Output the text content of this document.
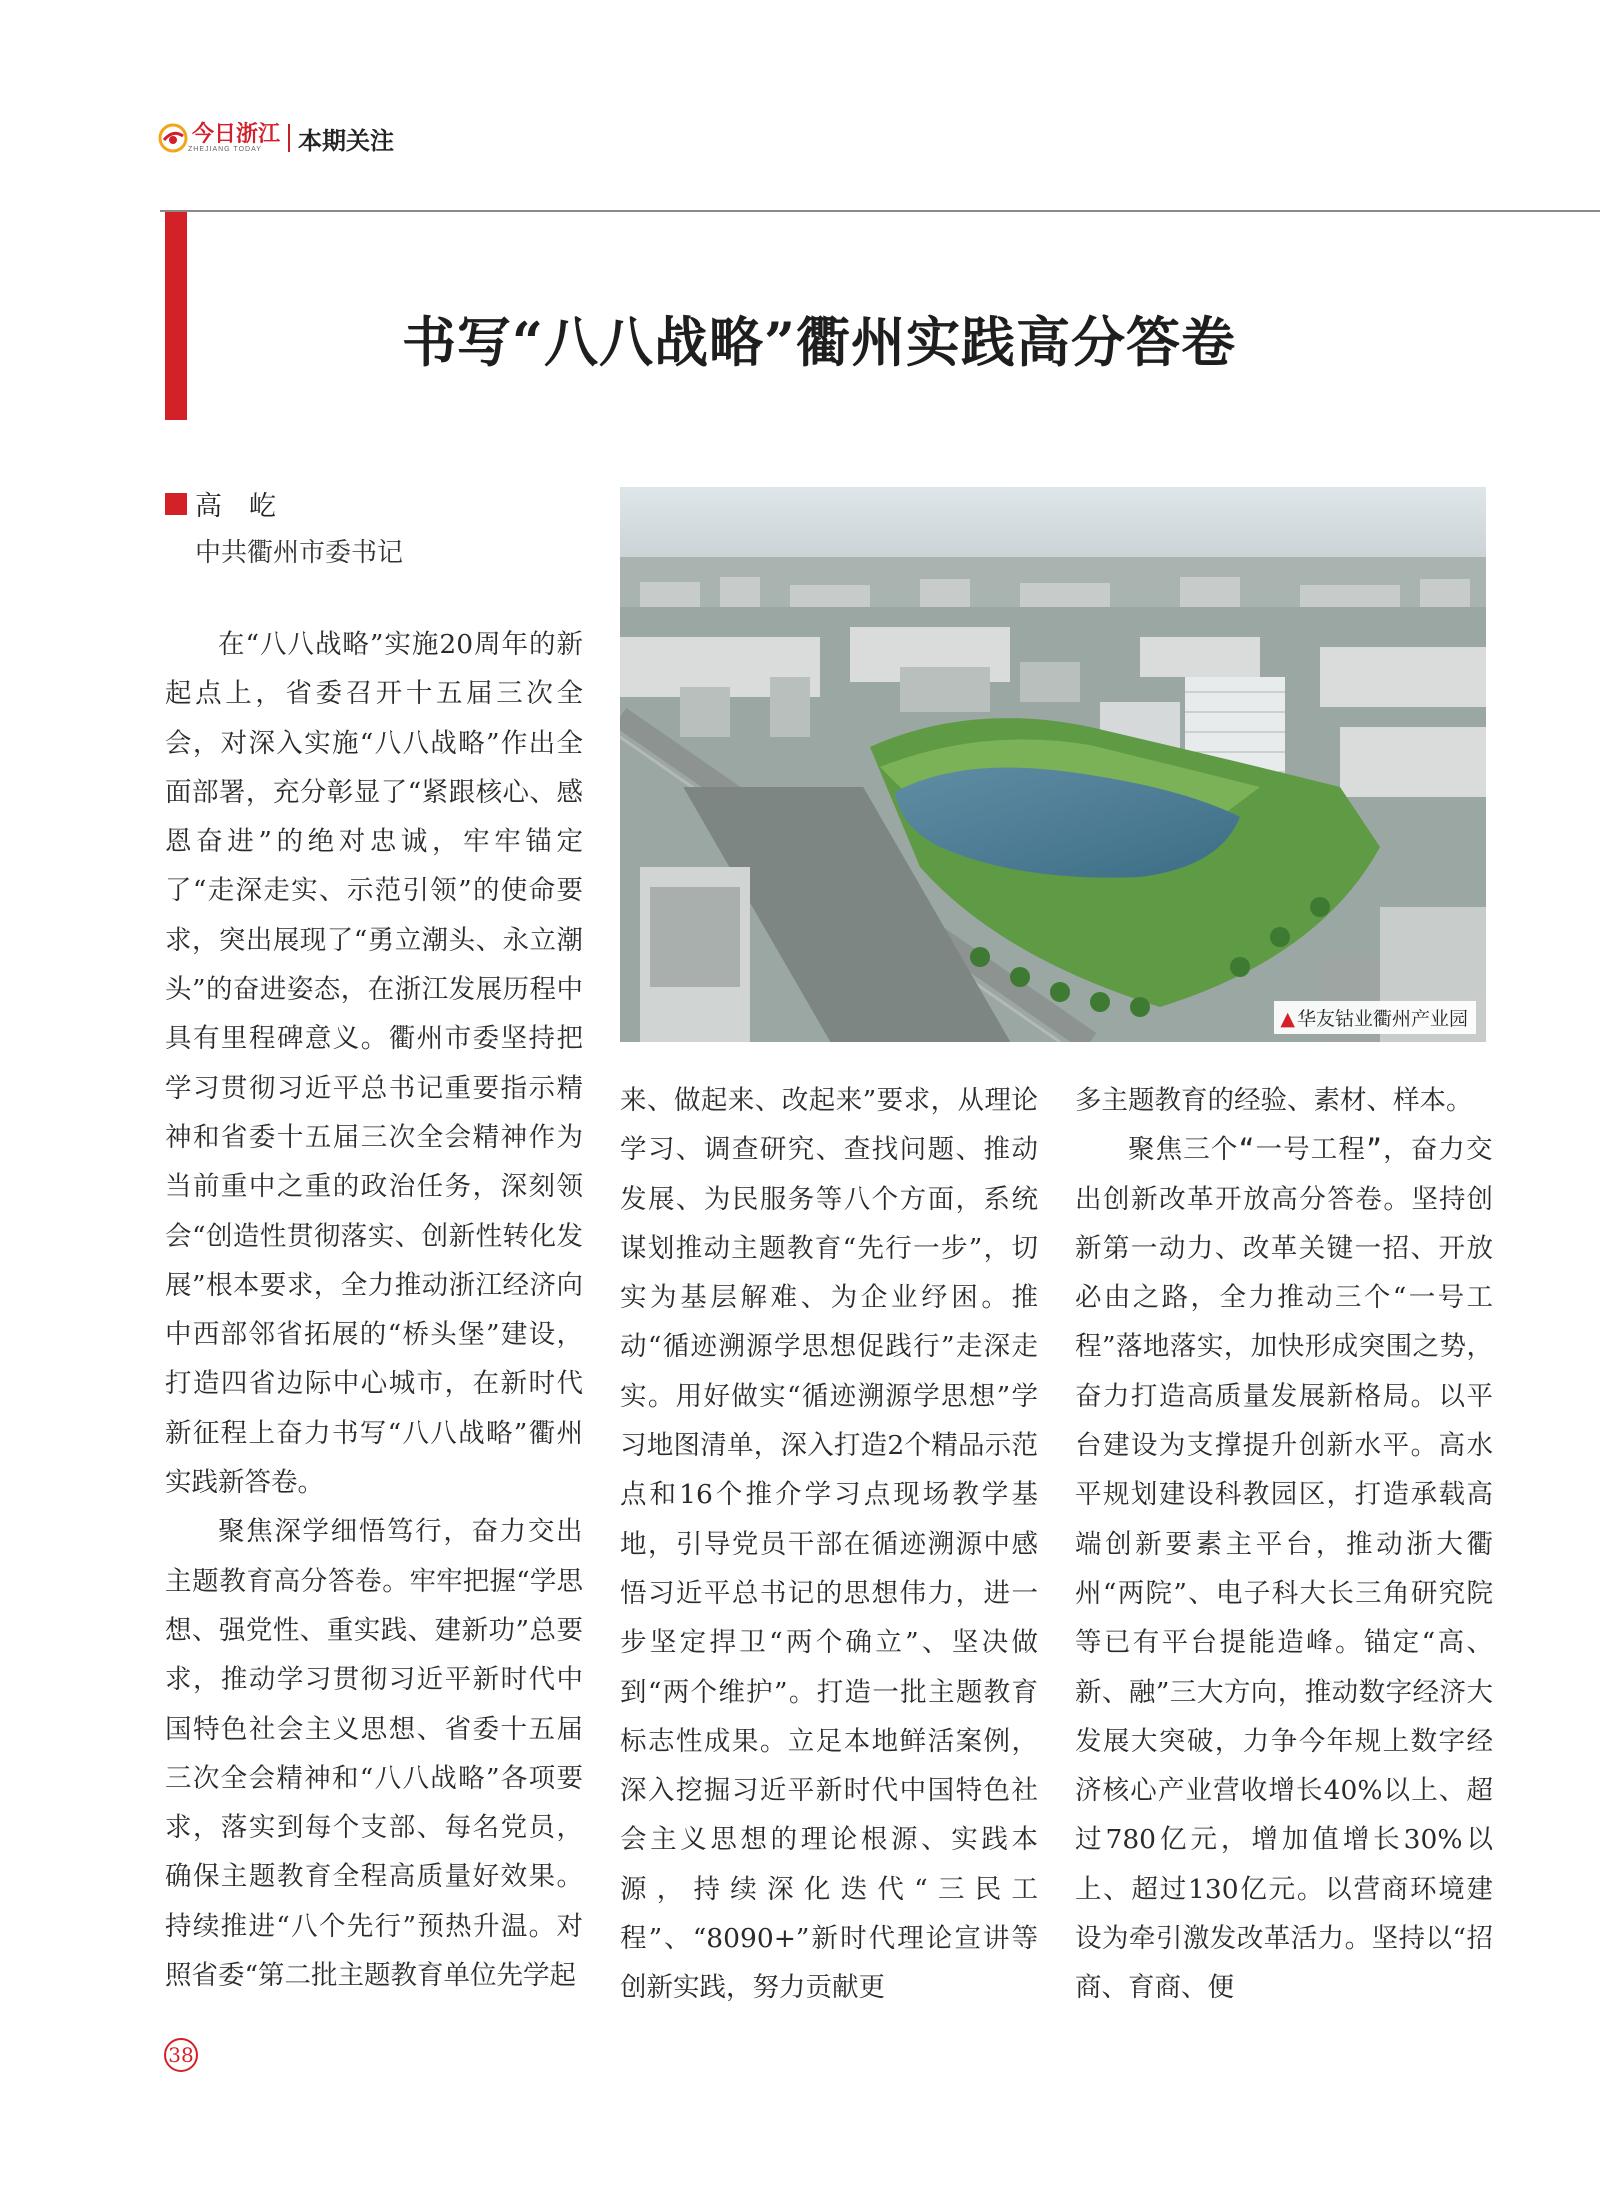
今日浙江
ZHEJIANG TODAY	本期关注
书写“八八战略”衢州实践高分答卷
高　屹
中共衢州市委书记
▲ 华友钴业衢州产业园

在“八八战略”实施20周年的新起点上，省委召开十五届三次全会，对深入实施“八八战略”作出全面部署，充分彰显了“紧跟核心、感恩奋进”的绝对忠诚，牢牢锚定了“走深走实、示范引领”的使命要求，突出展现了“勇立潮头、永立潮头”的奋进姿态，在浙江发展历程中具有里程碑意义。衢州市委坚持把学习贯彻习近平总书记重要指示精神和省委十五届三次全会精神作为当前重中之重的政治任务，深刻领会“创造性贯彻落实、创新性转化发展”根本要求，全力推动浙江经济向中西部邻省拓展的“桥头堡”建设，打造四省边际中心城市，在新时代新征程上奋力书写“八八战略”衢州实践新答卷。

聚焦深学细悟笃行，奋力交出主题教育高分答卷。牢牢把握“学思想、强党性、重实践、建新功”总要求，推动学习贯彻习近平新时代中国特色社会主义思想、省委十五届三次全会精神和“八八战略”各项要求，落实到每个支部、每名党员，确保主题教育全程高质量好效果。持续推进“八个先行”预热升温。对照省委“第二批主题教育单位先学起

来、做起来、改起来”要求，从理论学习、调查研究、查找问题、推动发展、为民服务等八个方面，系统谋划推动主题教育“先行一步”，切实为基层解难、为企业纾困。推动“循迹溯源学思想促践行”走深走实。用好做实“循迹溯源学思想”学习地图清单，深入打造2个精品示范点和16个推介学习点现场教学基地，引导党员干部在循迹溯源中感悟习近平总书记的思想伟力，进一步坚定捍卫“两个确立”、坚决做到“两个维护”。打造一批主题教育标志性成果。立足本地鲜活案例，深入挖掘习近平新时代中国特色社会主义思想的理论根源、实践本源，持续深化迭代“三民工程”、“8090+”新时代理论宣讲等创新实践，努力贡献更

多主题教育的经验、素材、样本。

聚焦三个“一号工程”，奋力交出创新改革开放高分答卷。坚持创新第一动力、改革关键一招、开放必由之路，全力推动三个“一号工程”落地落实，加快形成突围之势，奋力打造高质量发展新格局。以平台建设为支撑提升创新水平。高水平规划建设科教园区，打造承载高端创新要素主平台，推动浙大衢州“两院”、电子科大长三角研究院等已有平台提能造峰。锚定“高、新、融”三大方向，推动数字经济大发展大突破，力争今年规上数字经济核心产业营收增长40%以上、超过780亿元，增加值增长30%以上、超过130亿元。以营商环境建设为牵引激发改革活力。坚持以“招商、育商、便

38
